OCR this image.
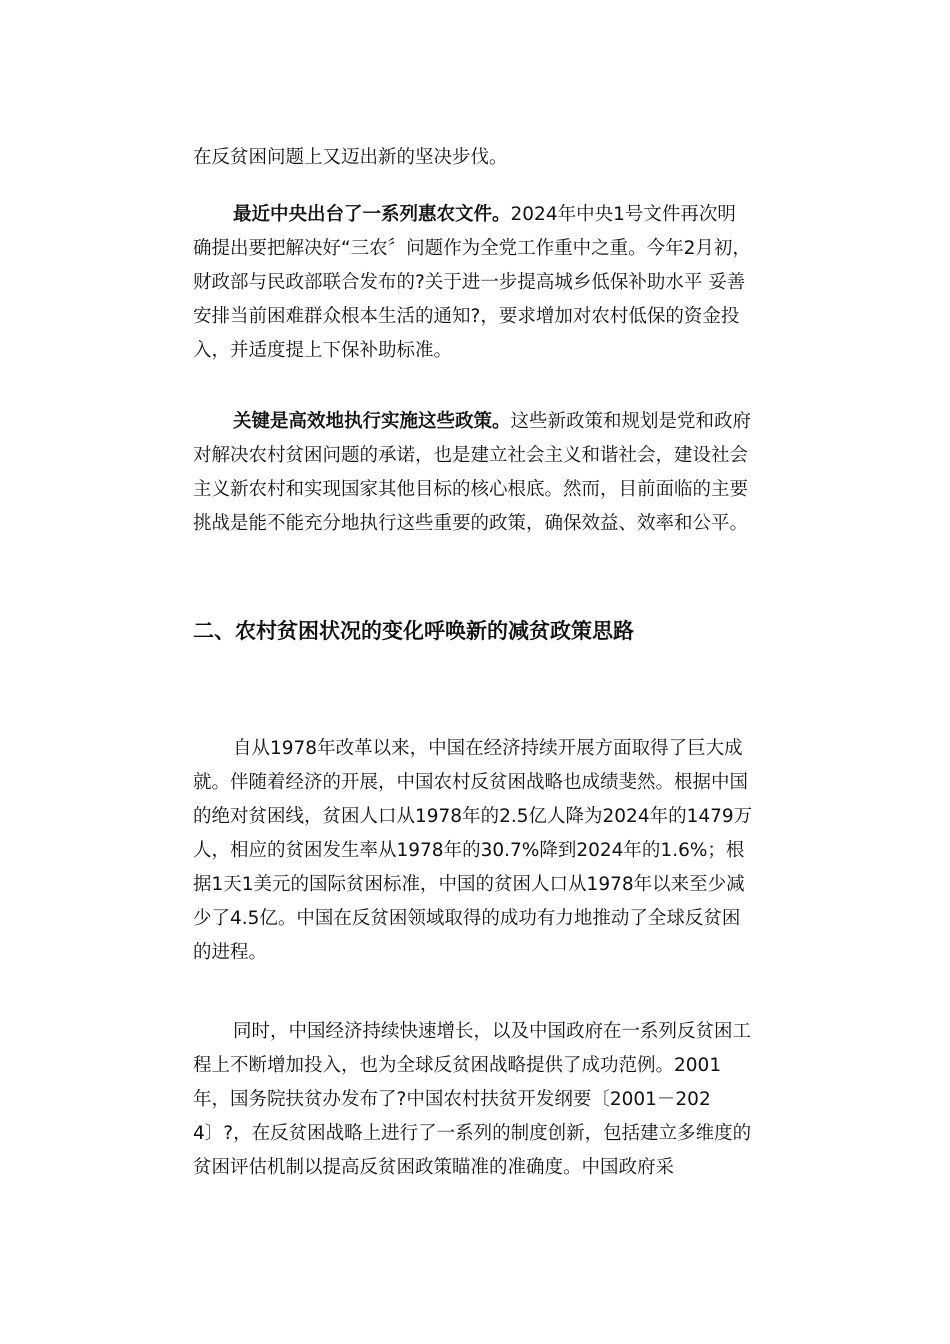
在反贫困问题上又迈出新的坚决步伐。

最近中央出台了一系列惠农文件。2024年中央1号文件再次明确提出要把解决好“三农〞问题作为全党工作重中之重。今年2月初，财政部与民政部联合发布的?关于进一步提高城乡低保补助水平 妥善安排当前困难群众根本生活的通知?，要求增加对农村低保的资金投入，并适度提上下保补助标准。

关键是高效地执行实施这些政策。这些新政策和规划是党和政府对解决农村贫困问题的承诺，也是建立社会主义和谐社会，建设社会主义新农村和实现国家其他目标的核心根底。然而，目前面临的主要挑战是能不能充分地执行这些重要的政策，确保效益、效率和公平。

二、农村贫困状况的变化呼唤新的减贫政策思路

自从1978年改革以来，中国在经济持续开展方面取得了巨大成就。伴随着经济的开展，中国农村反贫困战略也成绩斐然。根据中国的绝对贫困线，贫困人口从1978年的2.5亿人降为2024年的1479万人，相应的贫困发生率从1978年的30.7%降到2024年的1.6%；根据1天1美元的国际贫困标准，中国的贫困人口从1978年以来至少减少了4.5亿。中国在反贫困领域取得的成功有力地推动了全球反贫困的进程。

同时，中国经济持续快速增长，以及中国政府在一系列反贫困工程上不断增加投入，也为全球反贫困战略提供了成功范例。2001年，国务院扶贫办发布了?中国农村扶贫开发纲要〔2001－2024〕?，在反贫困战略上进行了一系列的制度创新，包括建立多维度的贫困评估机制以提高反贫困政策瞄准的准确度。中国政府采
